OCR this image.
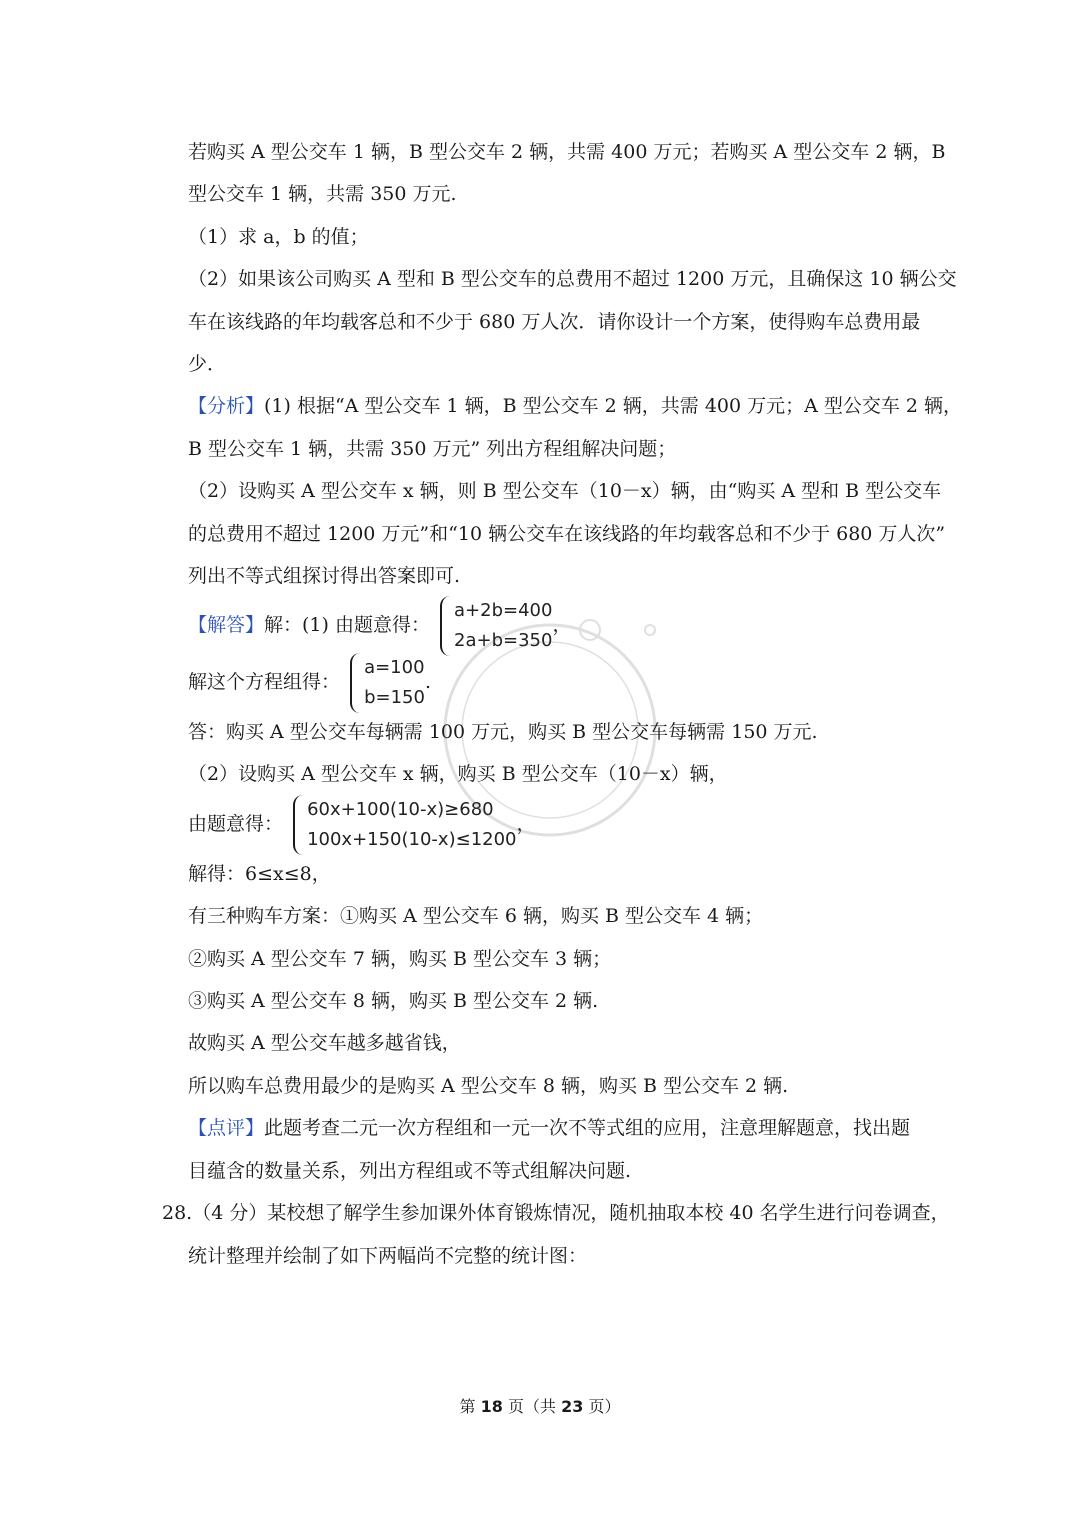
若购买 A 型公交车 1 辆，B 型公交车 2 辆，共需 400 万元；若购买 A 型公交车 2 辆，B
型公交车 1 辆，共需 350 万元.
（1）求 a，b 的值；
（2）如果该公司购买 A 型和 B 型公交车的总费用不超过 1200 万元，且确保这 10 辆公交
车在该线路的年均载客总和不少于 680 万人次．请你设计一个方案，使得购车总费用最
少．
【分析】(1) 根据“A 型公交车 1 辆，B 型公交车 2 辆，共需 400 万元；A 型公交车 2 辆，
B 型公交车 1 辆，共需 350 万元” 列出方程组解决问题；
（2）设购买 A 型公交车 x 辆，则 B 型公交车（10－x）辆，由“购买 A 型和 B 型公交车
的总费用不超过 1200 万元”和“10 辆公交车在该线路的年均载客总和不少于 680 万人次”
列出不等式组探讨得出答案即可.
【解答】解：(1) 由题意得：
a+2b=400
2a+b=350
，
解这个方程组得：
a=100
b=150
.
答：购买 A 型公交车每辆需 100 万元，购买 B 型公交车每辆需 150 万元.
（2）设购买 A 型公交车 x 辆，购买 B 型公交车（10－x）辆，
由题意得：
60x+100(10-x)≥680
100x+150(10-x)≤1200
，
解得：6≤x≤8，
有三种购车方案：①购买 A 型公交车 6 辆，购买 B 型公交车 4 辆；
②购买 A 型公交车 7 辆，购买 B 型公交车 3 辆；
③购买 A 型公交车 8 辆，购买 B 型公交车 2 辆.
故购买 A 型公交车越多越省钱，
所以购车总费用最少的是购买 A 型公交车 8 辆，购买 B 型公交车 2 辆.
【点评】此题考查二元一次方程组和一元一次不等式组的应用，注意理解题意，找出题
目蕴含的数量关系，列出方程组或不等式组解决问题.
28.（4 分）某校想了解学生参加课外体育锻炼情况，随机抽取本校 40 名学生进行问卷调查，
统计整理并绘制了如下两幅尚不完整的统计图：
第 18 页（共 23 页）
